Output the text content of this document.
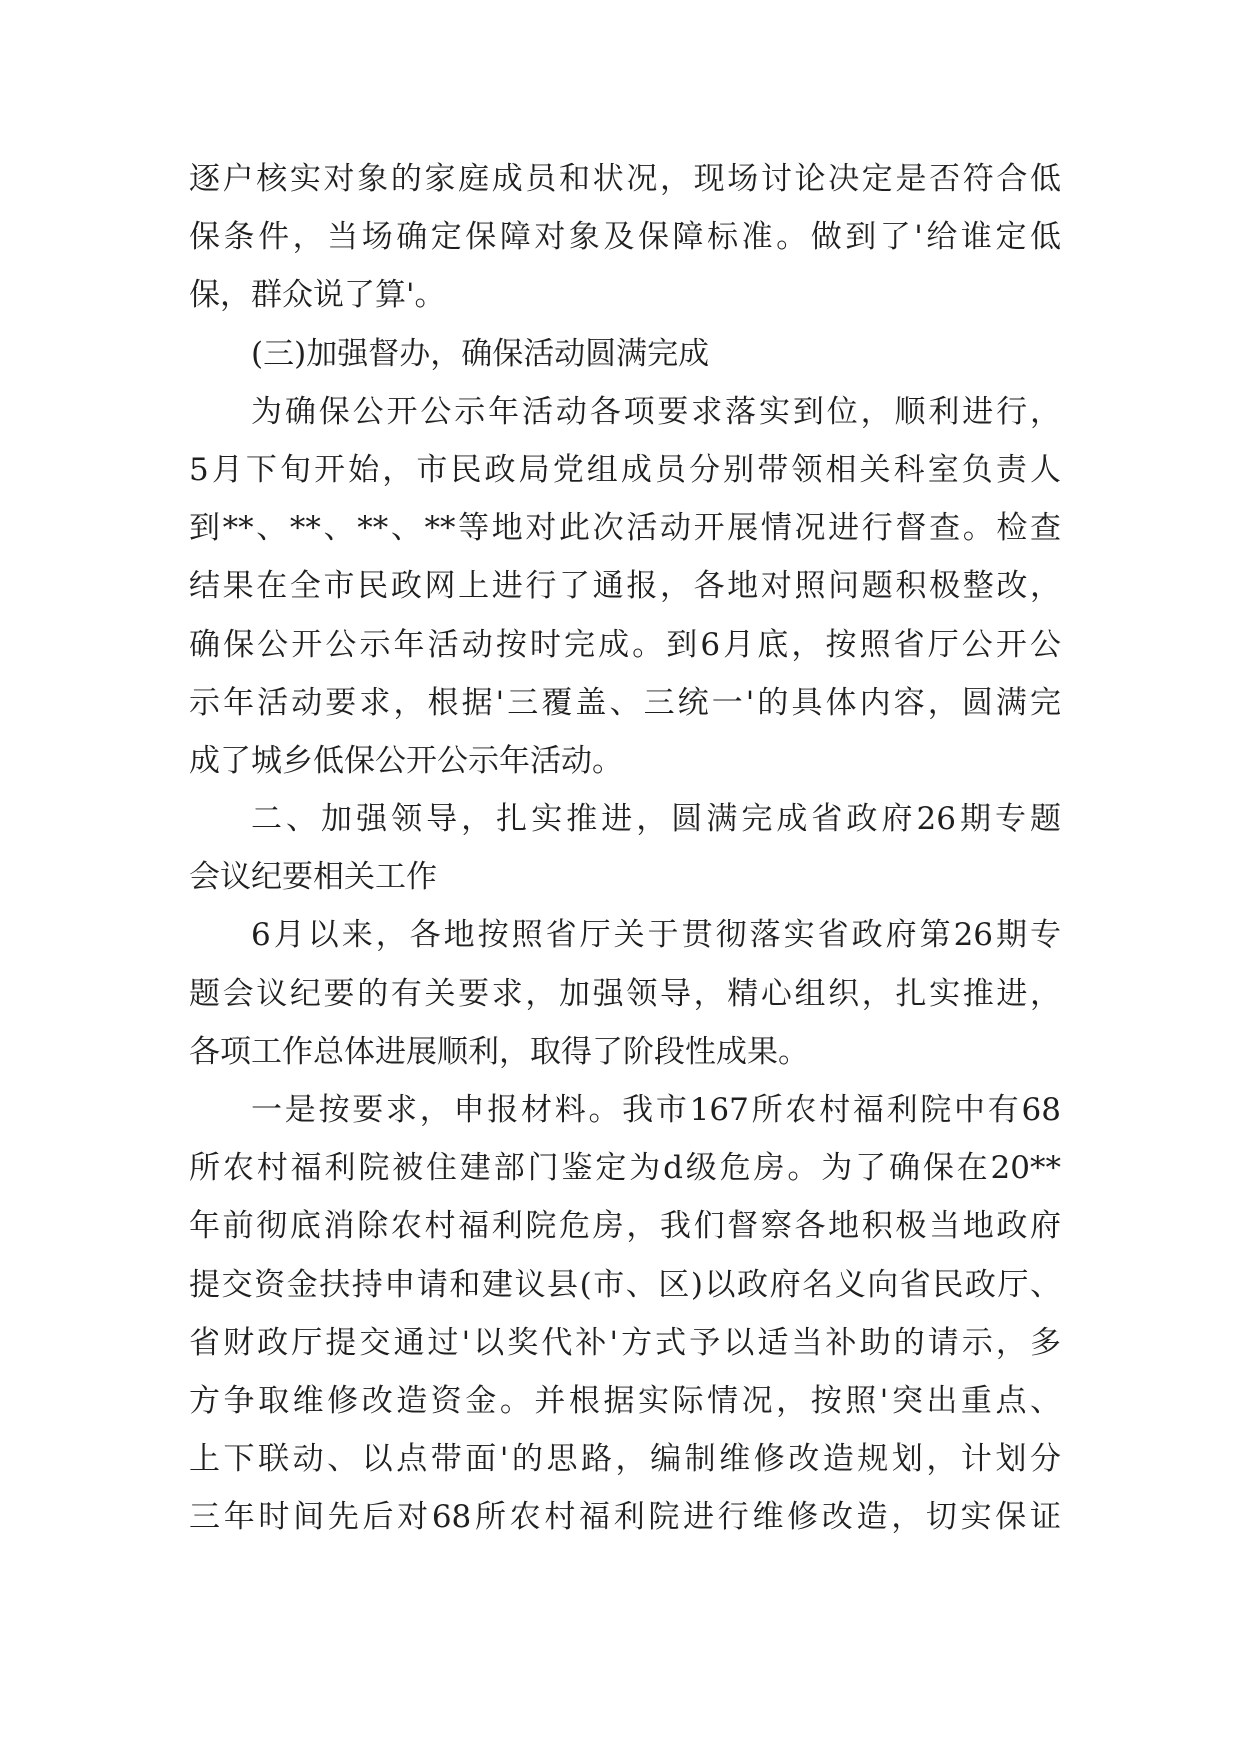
逐户核实对象的家庭成员和状况，现场讨论决定是否符合低
保条件，当场确定保障对象及保障标准。做到了'给谁定低
保，群众说了算'。
(三)加强督办，确保活动圆满完成
为确保公开公示年活动各项要求落实到位，顺利进行，
5月下旬开始，市民政局党组成员分别带领相关科室负责人
到**、**、**、**等地对此次活动开展情况进行督查。检查
结果在全市民政网上进行了通报，各地对照问题积极整改，
确保公开公示年活动按时完成。到6月底，按照省厅公开公
示年活动要求，根据'三覆盖、三统一'的具体内容，圆满完
成了城乡低保公开公示年活动。
二、加强领导，扎实推进，圆满完成省政府26期专题
会议纪要相关工作
6月以来，各地按照省厅关于贯彻落实省政府第26期专
题会议纪要的有关要求，加强领导，精心组织，扎实推进，
各项工作总体进展顺利，取得了阶段性成果。
一是按要求，申报材料。我市167所农村福利院中有68
所农村福利院被住建部门鉴定为d级危房。为了确保在20**
年前彻底消除农村福利院危房，我们督察各地积极当地政府
提交资金扶持申请和建议县(市、区)以政府名义向省民政厅、
省财政厅提交通过'以奖代补'方式予以适当补助的请示，多
方争取维修改造资金。并根据实际情况，按照'突出重点、
上下联动、以点带面'的思路，编制维修改造规划，计划分
三年时间先后对68所农村福利院进行维修改造，切实保证
